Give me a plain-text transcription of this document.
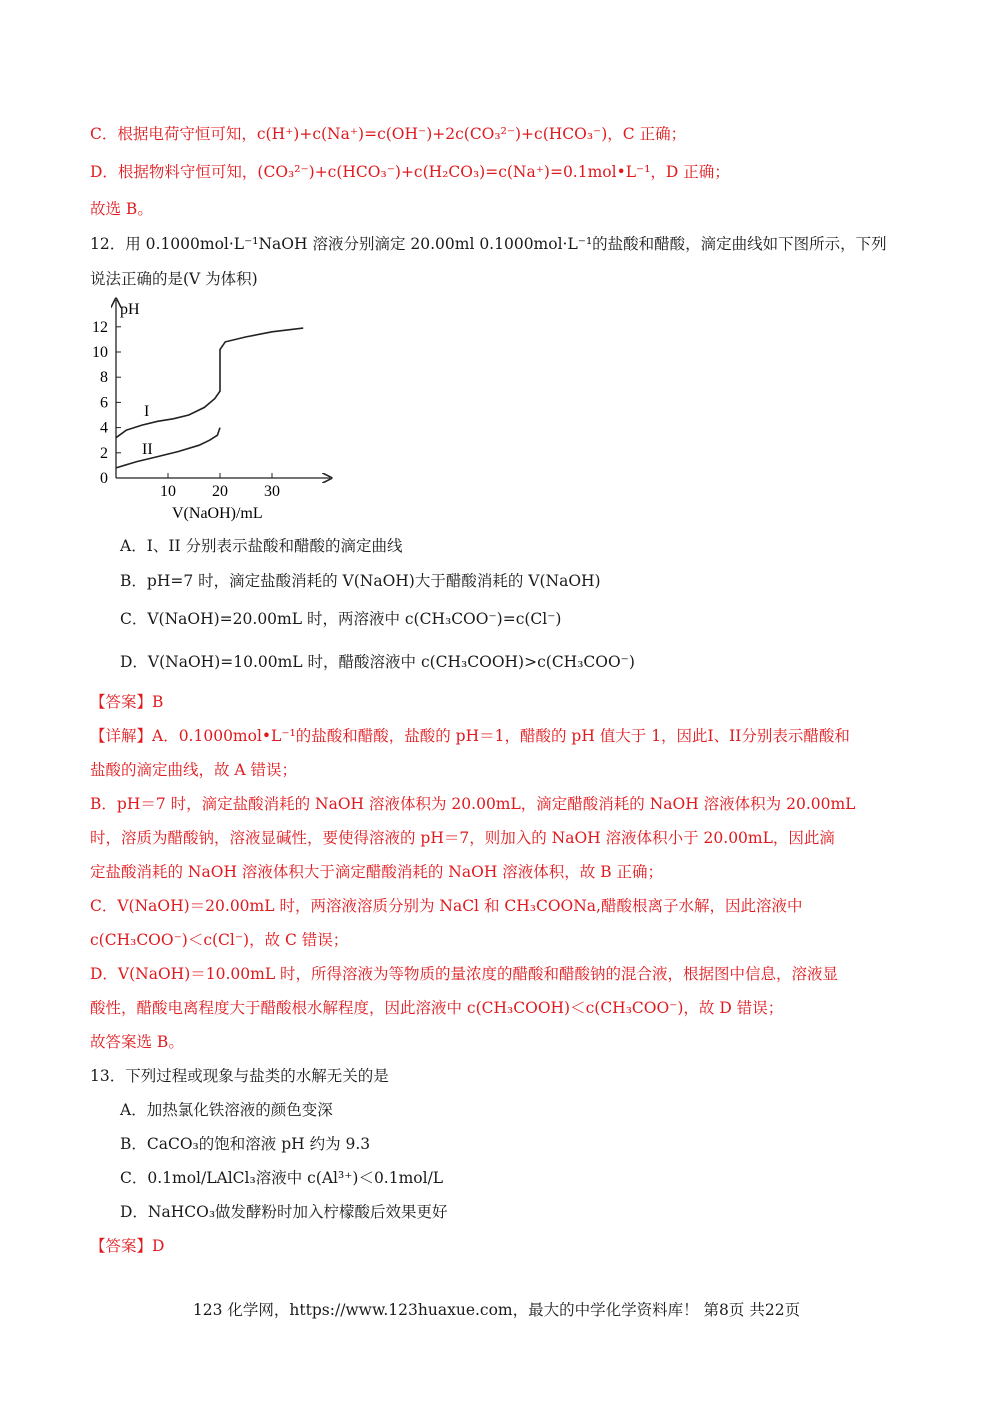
C．根据电荷守恒可知，c(H⁺)+c(Na⁺)=c(OH⁻)+2c(CO₃²⁻)+c(HCO₃⁻)，C 正确；
D．根据物料守恒可知，(CO₃²⁻)+c(HCO₃⁻)+c(H₂CO₃)=c(Na⁺)=0.1mol•L⁻¹，D 正确；
故选 B。
12．用 0.1000mol·L⁻¹NaOH 溶液分别滴定 20.00ml 0.1000mol·L⁻¹的盐酸和醋酸，滴定曲线如下图所示，下列
说法正确的是(V 为体积)
pH
0
2
4
6
8
10
12
10 20 30
I
II
V(NaOH)/mL
A．I、II 分别表示盐酸和醋酸的滴定曲线
B．pH=7 时，滴定盐酸消耗的 V(NaOH)大于醋酸消耗的 V(NaOH)
C．V(NaOH)=20.00mL 时，两溶液中 c(CH₃COO⁻)=c(Cl⁻)
D．V(NaOH)=10.00mL 时，醋酸溶液中 c(CH₃COOH)>c(CH₃COO⁻)
【答案】B
【详解】A．0.1000mol•L⁻¹的盐酸和醋酸，盐酸的 pH＝1，醋酸的 pH 值大于 1，因此I、II分别表示醋酸和
盐酸的滴定曲线，故 A 错误；
B．pH＝7 时，滴定盐酸消耗的 NaOH 溶液体积为 20.00mL，滴定醋酸消耗的 NaOH 溶液体积为 20.00mL
时，溶质为醋酸钠，溶液显碱性，要使得溶液的 pH＝7，则加入的 NaOH 溶液体积小于 20.00mL，因此滴
定盐酸消耗的 NaOH 溶液体积大于滴定醋酸消耗的 NaOH 溶液体积，故 B 正确；
C．V(NaOH)＝20.00mL 时，两溶液溶质分别为 NaCl 和 CH₃COONa,醋酸根离子水解，因此溶液中
c(CH₃COO⁻)＜c(Cl⁻)，故 C 错误；
D．V(NaOH)＝10.00mL 时，所得溶液为等物质的量浓度的醋酸和醋酸钠的混合液，根据图中信息，溶液显
酸性，醋酸电离程度大于醋酸根水解程度，因此溶液中 c(CH₃COOH)＜c(CH₃COO⁻)，故 D 错误；
故答案选 B。
13．下列过程或现象与盐类的水解无关的是
A．加热氯化铁溶液的颜色变深
B．CaCO₃的饱和溶液 pH 约为 9.3
C．0.1mol/LAlCl₃溶液中 c(Al³⁺)＜0.1mol/L
D．NaHCO₃做发酵粉时加入柠檬酸后效果更好
【答案】D
123 化学网，https://www.123huaxue.com，最大的中学化学资料库！ 第8页 共22页
